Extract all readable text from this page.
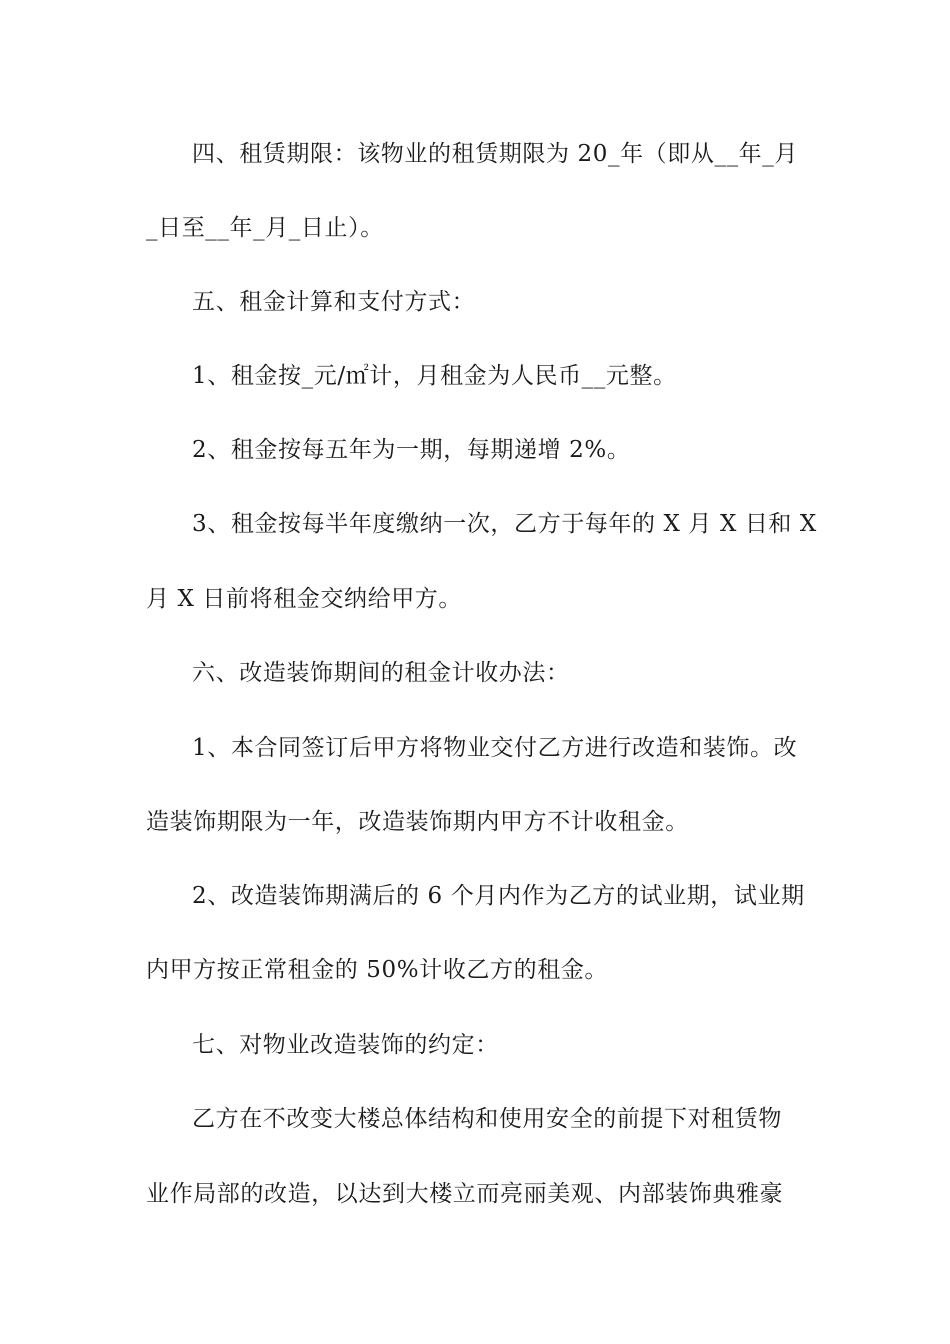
四、租赁期限：该物业的租赁期限为 20_年（即从__年_月
_日至__年_月_日止）。
五、租金计算和支付方式：
1、租金按_元/㎡计，月租金为人民币__元整。
2、租金按每五年为一期，每期递增 2%。
3、租金按每半年度缴纳一次，乙方于每年的 X 月 X 日和 X
月 X 日前将租金交纳给甲方。
六、改造装饰期间的租金计收办法：
1、本合同签订后甲方将物业交付乙方进行改造和装饰。改
造装饰期限为一年，改造装饰期内甲方不计收租金。
2、改造装饰期满后的 6 个月内作为乙方的试业期，试业期
内甲方按正常租金的 50%计收乙方的租金。
七、对物业改造装饰的约定：
乙方在不改变大楼总体结构和使用安全的前提下对租赁物
业作局部的改造，以达到大楼立而亮丽美观、内部装饰典雅豪
